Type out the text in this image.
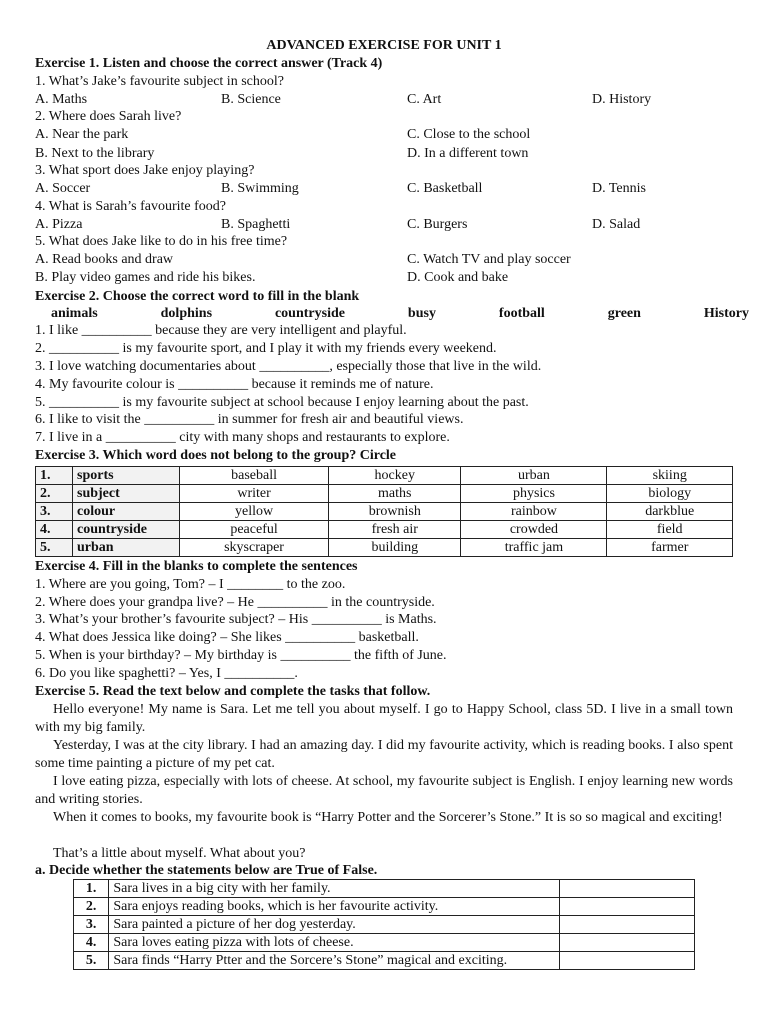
ADVANCED EXERCISE FOR UNIT 1
Exercise 1. Listen and choose the correct answer (Track 4)
1. What’s Jake’s favourite subject in school?
A. Maths	B. Science	C. Art	D. History
2. Where does Sarah live?
A. Near the park	C. Close to the school
B. Next to the library	D. In a different town
3. What sport does Jake enjoy playing?
A. Soccer	B. Swimming	C. Basketball	D. Tennis
4. What is Sarah’s favourite food?
A. Pizza	B. Spaghetti	C. Burgers	D. Salad
5. What does Jake like to do in his free time?
A. Read books and draw	C. Watch TV and play soccer
B. Play video games and ride his bikes.	D. Cook and bake
Exercise 2. Choose the correct word to fill in the blank
animals	dolphins	countryside	busy	football	green	History
1. I like __________ because they are very intelligent and playful.
2. __________ is my favourite sport, and I play it with my friends every weekend.
3. I love watching documentaries about __________, especially those that live in the wild.
4. My favourite colour is __________ because it reminds me of nature.
5. __________ is my favourite subject at school because I enjoy learning about the past.
6. I like to visit the __________ in summer for fresh air and beautiful views.
7. I live in a __________ city with many shops and restaurants to explore.
Exercise 3. Which word does not belong to the group? Circle
1.	sports	baseball	hockey	urban	skiing
2.	subject	writer	maths	physics	biology
3.	colour	yellow	brownish	rainbow	darkblue
4.	countryside	peaceful	fresh air	crowded	field
5.	urban	skyscraper	building	traffic jam	farmer
Exercise 4. Fill in the blanks to complete the sentences
1. Where are you going, Tom? – I ________ to the zoo.
2. Where does your grandpa live? – He __________ in the countryside.
3. What’s your brother’s favourite subject? – His __________ is Maths.
4. What does Jessica like doing? – She likes __________ basketball.
5. When is your birthday? – My birthday is __________ the fifth of June.
6. Do you like spaghetti? – Yes, I __________.
Exercise 5. Read the text below and complete the tasks that follow.
Hello everyone! My name is Sara. Let me tell you about myself. I go to Happy School, class 5D. I live in a small town with my big family.
Yesterday, I was at the city library. I had an amazing day. I did my favourite activity, which is reading books. I also spent some time painting a picture of my pet cat.
I love eating pizza, especially with lots of cheese. At school, my favourite subject is English. I enjoy learning new words and writing stories.
When it comes to books, my favourite book is “Harry Potter and the Sorcerer’s Stone.” It is so so magical and exciting!
That’s a little about myself. What about you?
a. Decide whether the statements below are True of False.
1.	Sara lives in a big city with her family.	
2.	Sara enjoys reading books, which is her favourite activity.	
3.	Sara painted a picture of her dog yesterday.	
4.	Sara loves eating pizza with lots of cheese.	
5.	Sara finds “Harry Ptter and the Sorcere’s Stone” magical and exciting.	
